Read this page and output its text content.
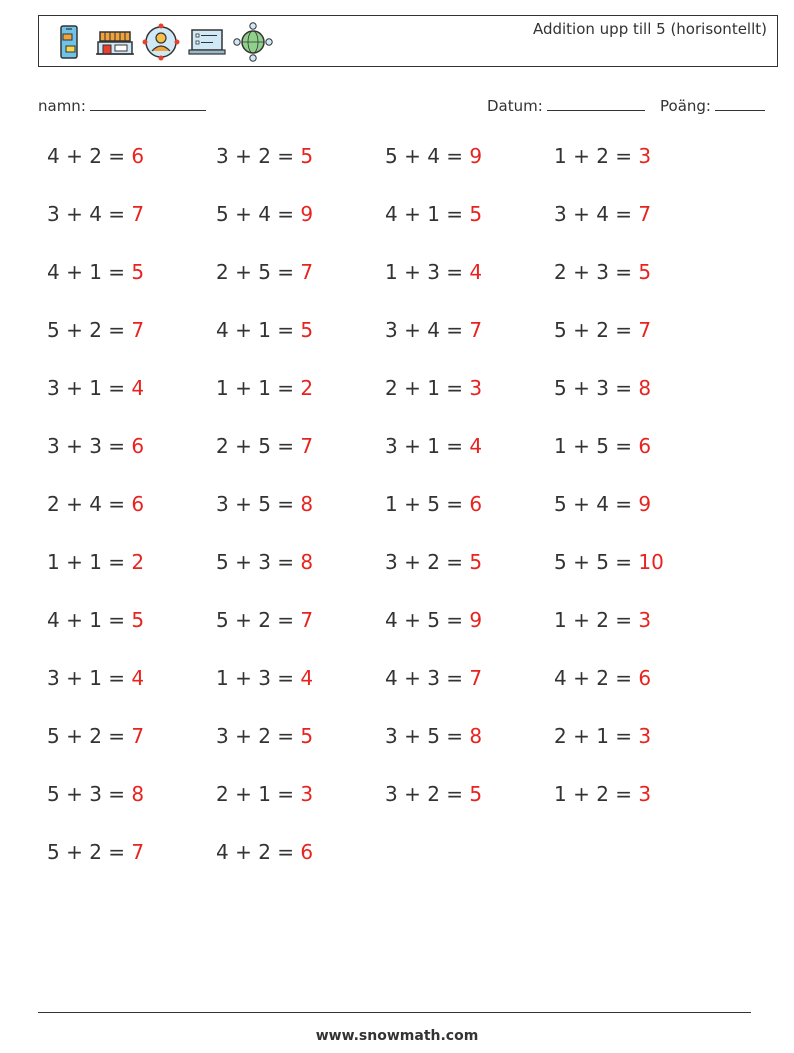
Addition upp till 5 (horisontellt)
namn:	Datum:	Poäng:
4 + 2 = 6	3 + 2 = 5	5 + 4 = 9	1 + 2 = 3
3 + 4 = 7	5 + 4 = 9	4 + 1 = 5	3 + 4 = 7
4 + 1 = 5	2 + 5 = 7	1 + 3 = 4	2 + 3 = 5
5 + 2 = 7	4 + 1 = 5	3 + 4 = 7	5 + 2 = 7
3 + 1 = 4	1 + 1 = 2	2 + 1 = 3	5 + 3 = 8
3 + 3 = 6	2 + 5 = 7	3 + 1 = 4	1 + 5 = 6
2 + 4 = 6	3 + 5 = 8	1 + 5 = 6	5 + 4 = 9
1 + 1 = 2	5 + 3 = 8	3 + 2 = 5	5 + 5 = 10
4 + 1 = 5	5 + 2 = 7	4 + 5 = 9	1 + 2 = 3
3 + 1 = 4	1 + 3 = 4	4 + 3 = 7	4 + 2 = 6
5 + 2 = 7	3 + 2 = 5	3 + 5 = 8	2 + 1 = 3
5 + 3 = 8	2 + 1 = 3	3 + 2 = 5	1 + 2 = 3
5 + 2 = 7	4 + 2 = 6
www.snowmath.com
